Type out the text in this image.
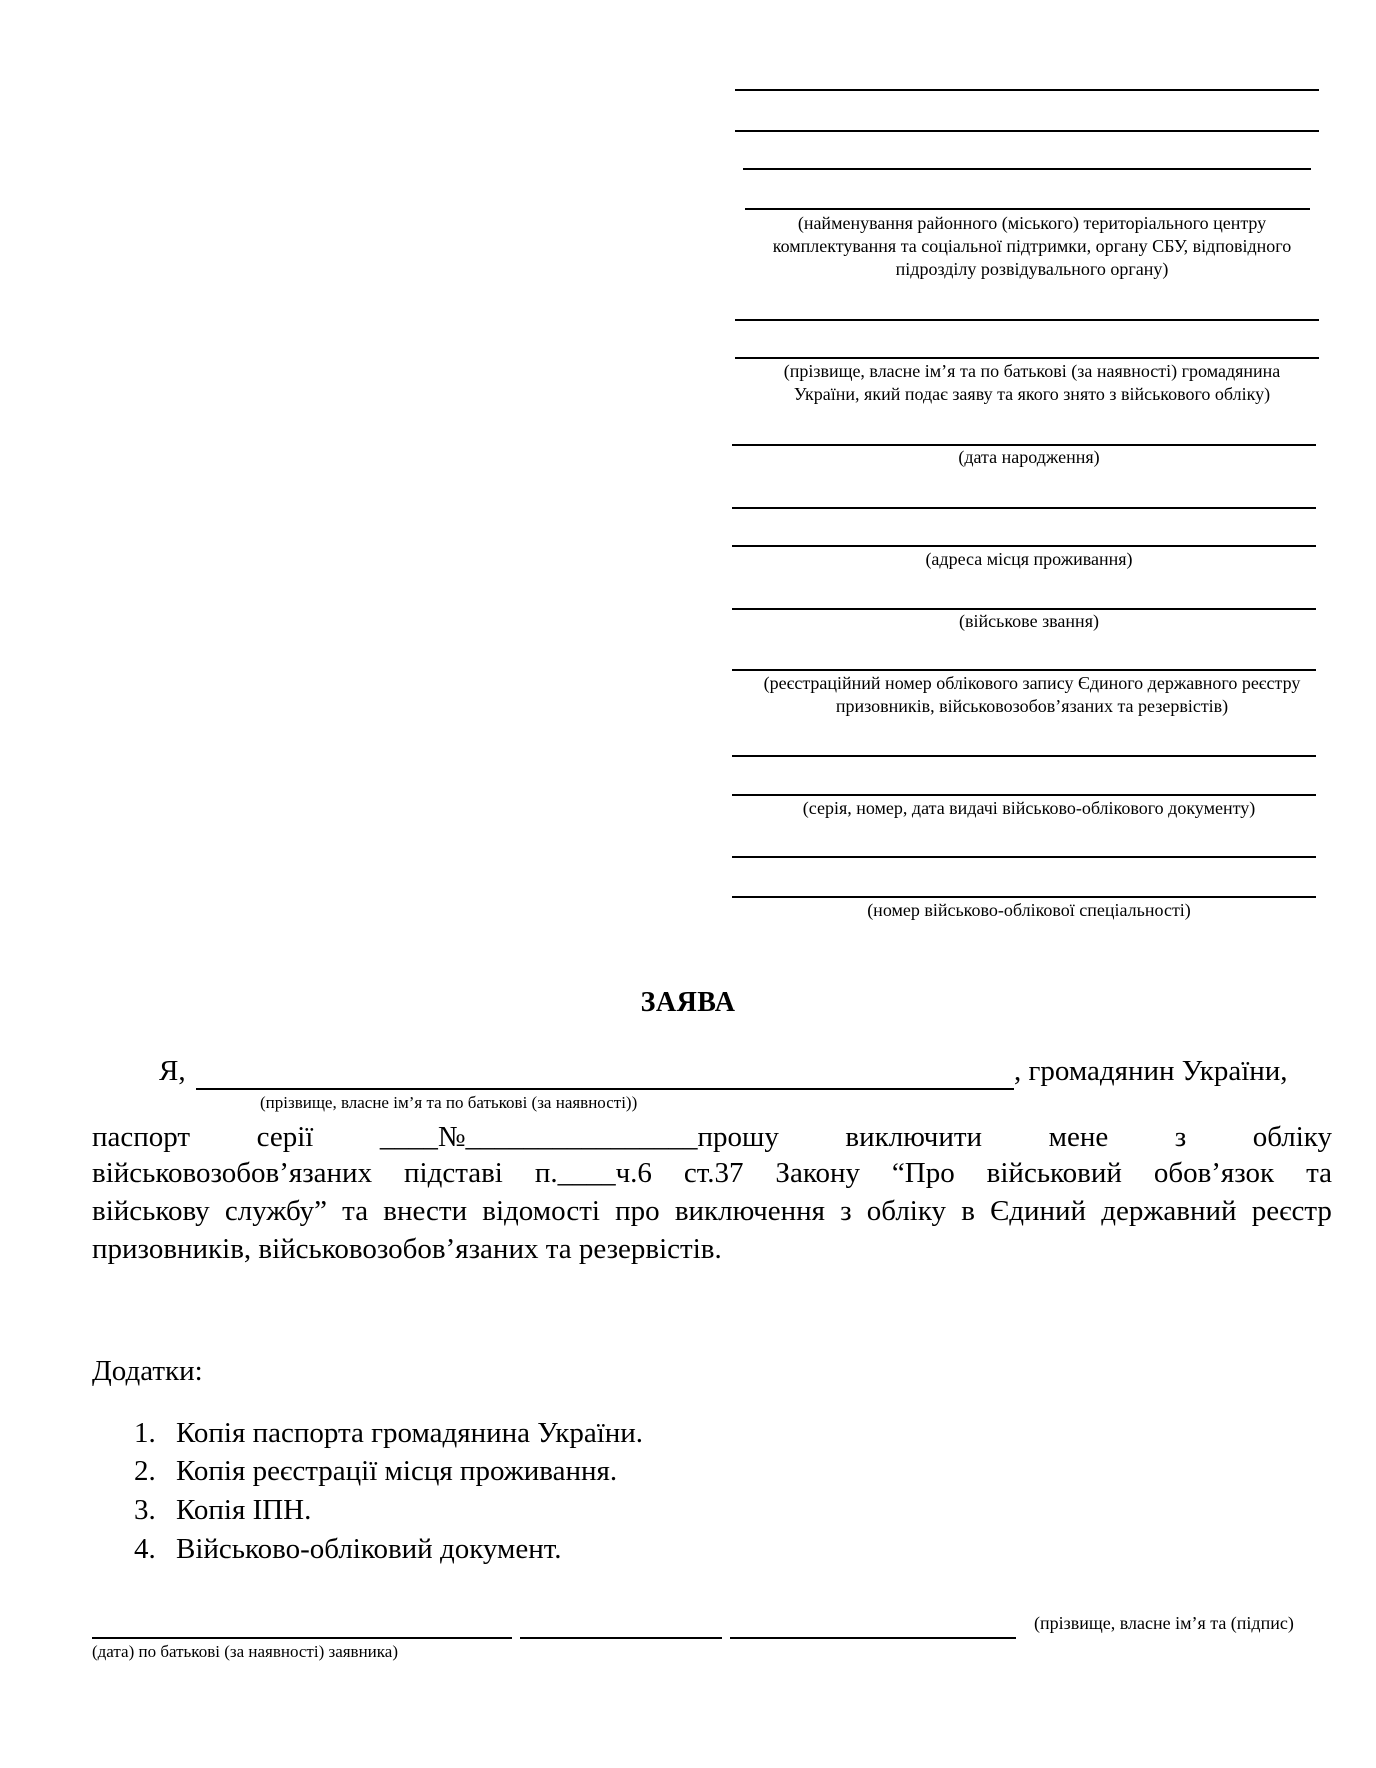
(найменування районного (міського) територіального центру
комплектування та соціальної підтримки, органу СБУ, відповідного
підрозділу розвідувального органу)
(прізвище, власне ім’я та по батькові (за наявності) громадянина
України, який подає заяву та якого знято з військового обліку)
(дата народження)
(адреса місця проживання)
(військове звання)
(реєстраційний номер облікового запису Єдиного державного реєстру
призовників, військовозобов’язаних та резервістів)
(серія, номер, дата видачі військово-облікового документу)
(номер військово-облікової спеціальності)
ЗАЯВА
Я,	, громадянин України,
(прізвище, власне ім’я та по батькові (за наявності))
паспорт серії ____№________________прошу виключити мене з обліку
військовозобов’язаних підставі п.____ч.6 ст.37 Закону “Про військовий обов’язок та
військову службу” та внести відомості про виключення з обліку в Єдиний державний реєстр
призовників, військовозобов’язаних та резервістів.
Додатки:
1. Копія паспорта громадянина України.
2. Копія реєстрації місця проживання.
3. Копія ІПН.
4. Військово-обліковий документ.
(прізвище, власне ім’я та (підпис)
(дата) по батькові (за наявності) заявника)
